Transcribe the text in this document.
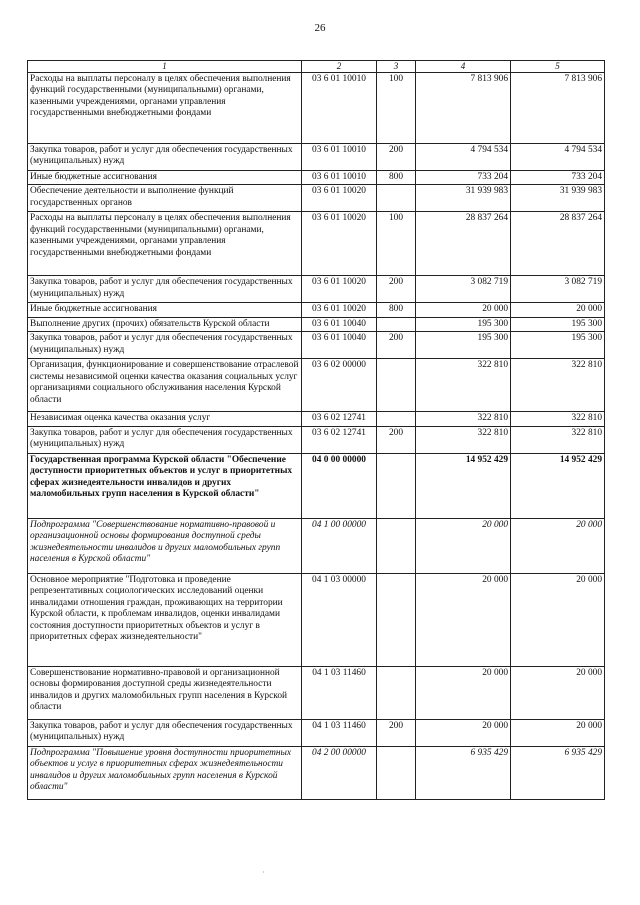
26
1	2	3	4	5
Расходы на выплаты персоналу в целях обеспечения выполнения функций государственными (муниципальными) органами, казенными учреждениями, органами управления государственными внебюджетными фондами	03 6 01 10010	100	7 813 906	7 813 906
Закупка товаров, работ и услуг для обеспечения государственных (муниципальных) нужд	03 6 01 10010	200	4 794 534	4 794 534
Иные бюджетные ассигнования	03 6 01 10010	800	733 204	733 204
Обеспечение деятельности и выполнение функций государственных органов	03 6 01 10020		31 939 983	31 939 983
Расходы на выплаты персоналу в целях обеспечения выполнения функций государственными (муниципальными) органами, казенными учреждениями, органами управления государственными внебюджетными фондами	03 6 01 10020	100	28 837 264	28 837 264
Закупка товаров, работ и услуг для обеспечения государственных (муниципальных) нужд	03 6 01 10020	200	3 082 719	3 082 719
Иные бюджетные ассигнования	03 6 01 10020	800	20 000	20 000
Выполнение других (прочих) обязательств Курской области	03 6 01 10040		195 300	195 300
Закупка товаров, работ и услуг для обеспечения государственных (муниципальных) нужд	03 6 01 10040	200	195 300	195 300
Организация, функционирование и совершенствование отраслевой системы независимой оценки качества оказания социальных услуг организациями социального обслуживания населения Курской области	03 6 02 00000		322 810	322 810
Независимая оценка качества оказания услуг	03 6 02 12741		322 810	322 810
Закупка товаров, работ и услуг для обеспечения государственных (муниципальных) нужд	03 6 02 12741	200	322 810	322 810
Государственная программа Курской области "Обеспечение доступности приоритетных объектов и услуг в приоритетных сферах жизнедеятельности инвалидов и других маломобильных групп населения в Курской области"	04 0 00 00000		14 952 429	14 952 429
Подпрограмма "Совершенствование нормативно-правовой и организационной основы формирования доступной среды жизнедеятельности инвалидов и других маломобильных групп населения в Курской области"	04 1 00 00000		20 000	20 000
Основное мероприятие "Подготовка и проведение репрезентативных социологических исследований оценки инвалидами отношения граждан, проживающих на территории Курской области, к проблемам инвалидов, оценки инвалидами состояния доступности приоритетных объектов и услуг в приоритетных сферах жизнедеятельности"	04 1 03 00000		20 000	20 000
Совершенствование нормативно-правовой и организационной основы формирования доступной среды жизнедеятельности инвалидов и других маломобильных групп населения в Курской области	04 1 03 11460		20 000	20 000
Закупка товаров, работ и услуг для обеспечения государственных (муниципальных) нужд	04 1 03 11460	200	20 000	20 000
Подпрограмма "Повышение уровня доступности приоритетных объектов и услуг в приоритетных сферах жизнедеятельности инвалидов и других маломобильных групп населения в Курской области"	04 2 00 00000		6 935 429	6 935 429
·
